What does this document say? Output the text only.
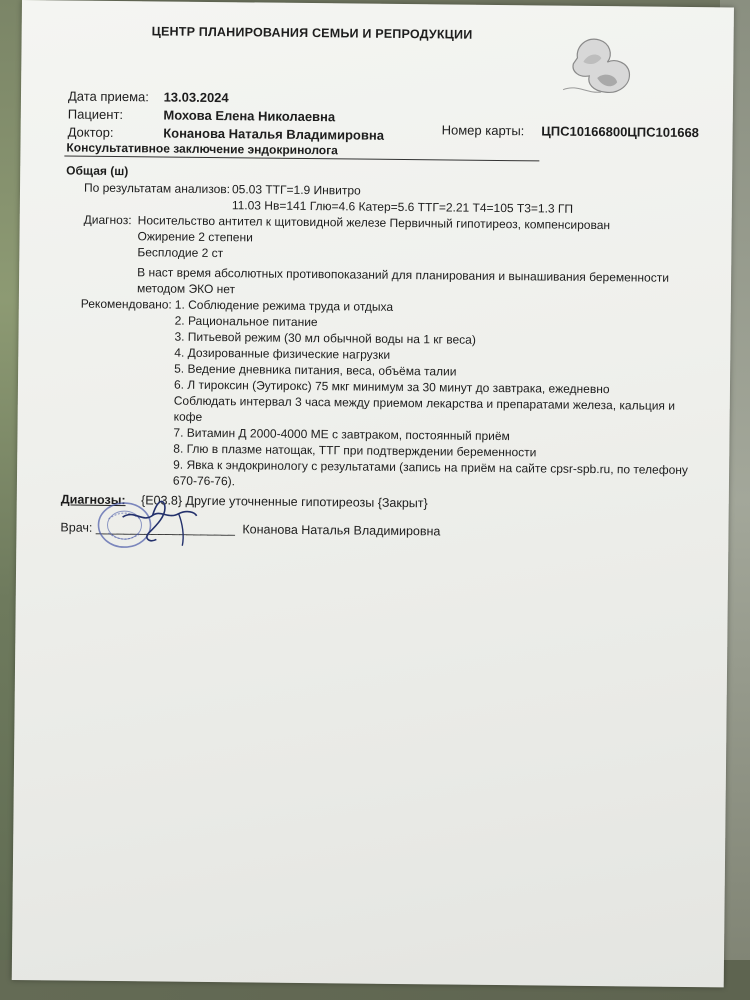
ЦЕНТР ПЛАНИРОВАНИЯ СЕМЬИ И РЕПРОДУКЦИИ
Дата приема: 13.03.2024
Пациент:	Мохова Елена Николаевна
Доктор:	Конанова Наталья Владимировна	Номер карты: ЦПС10166800ЦПС101668
Консультативное заключение эндокринолога
Общая (ш)
По результатам анализов: 05.03 ТТГ=1.9 Инвитро
11.03 Нв=141 Глю=4.6 Катер=5.6 ТТГ=2.21 Т4=105 Т3=1.3 ГП
Диагноз: Носительство антител к щитовидной железе Первичный гипотиреоз, компенсирован
Ожирение 2 степени
Бесплодие 2 ст
В наст время абсолютных противопоказаний для планирования и вынашивания беременности
методом ЭКО нет
Рекомендовано: 1. Соблюдение режима труда и отдыха
2. Рациональное питание
3. Питьевой режим (30 мл обычной воды на 1 кг веса)
4. Дозированные физические нагрузки
5. Ведение дневника питания, веса, объёма талии
6. Л тироксин (Эутирокс) 75 мкг минимум за 30 минут до завтрака, ежедневно
Соблюдать интервал 3 часа между приемом лекарства и препаратами железа, кальция и
кофе
7. Витамин Д 2000-4000 МЕ с завтраком, постоянный приём
8. Глю в плазме натощак, ТТГ при подтверждении беременности
9. Явка к эндокринологу с результатами (запись на приём на сайте cpsr-spb.ru, по телефону
670-76-76).
Диагнозы: {E03.8} Другие уточненные гипотиреозы {Закрыт}
Врач: ____________________ Конанова Наталья Владимировна
